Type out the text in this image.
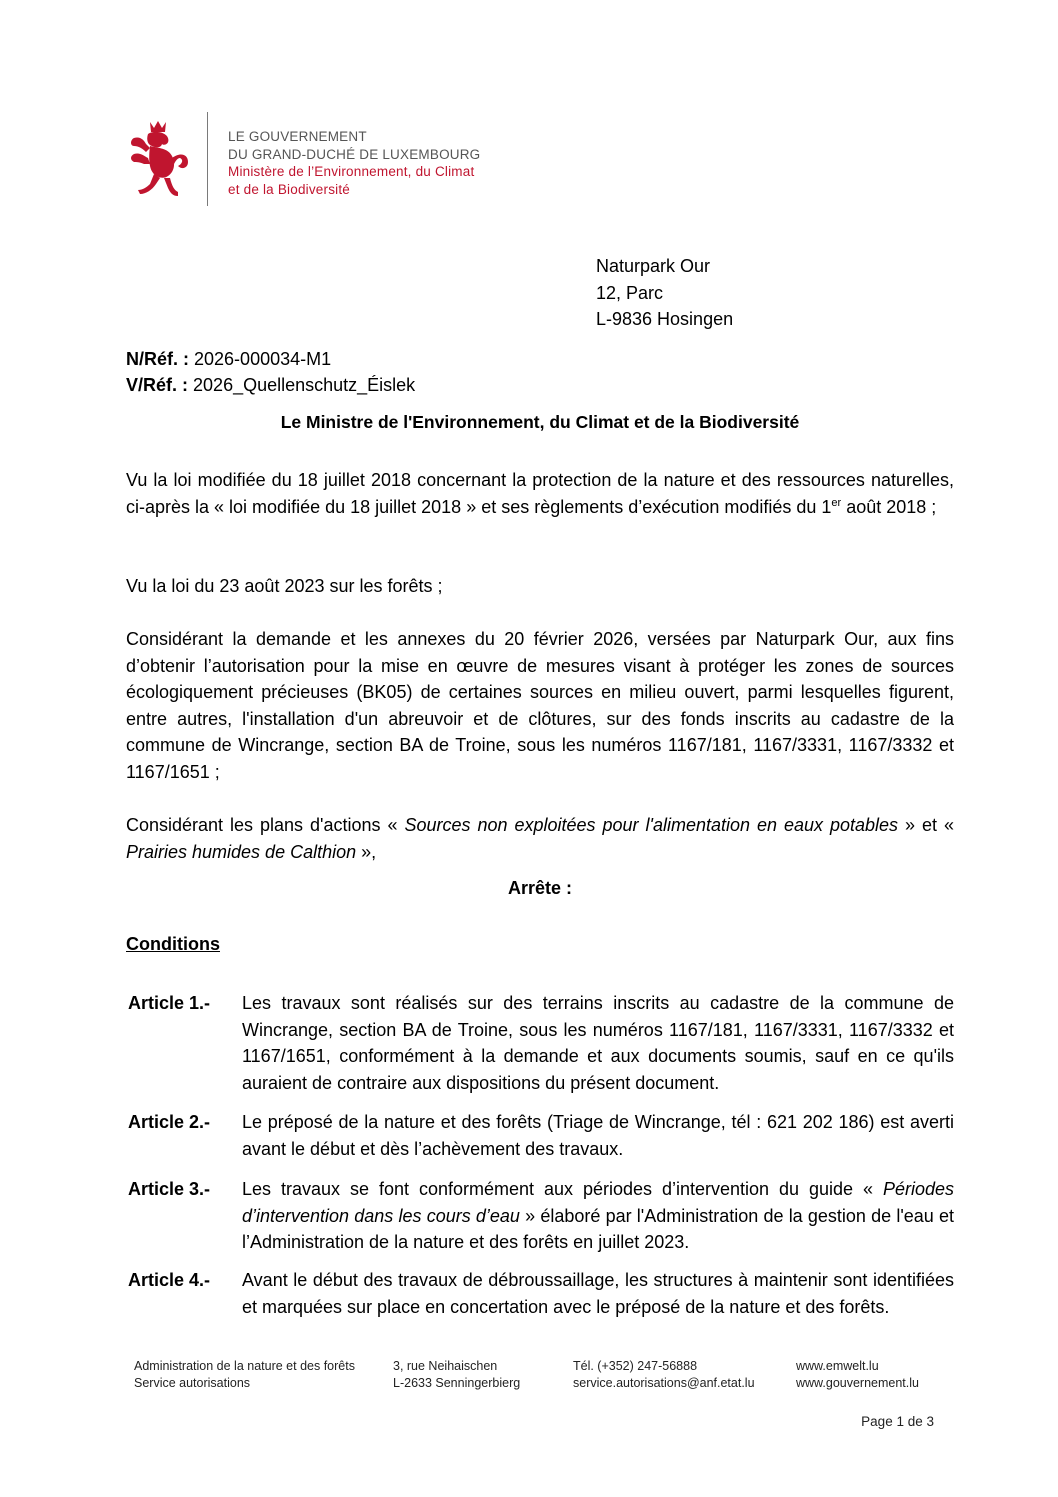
LE GOUVERNEMENT
DU GRAND-DUCHÉ DE LUXEMBOURG
Ministère de l’Environnement, du Climat
et de la Biodiversité
Naturpark Our
12, Parc
L-9836 Hosingen
N/Réf. : 2026-000034-M1
V/Réf. : 2026_Quellenschutz_Éislek
Le Ministre de l'Environnement, du Climat et de la Biodiversité
Vu la loi modifiée du 18 juillet 2018 concernant la protection de la nature et des ressources naturelles, ci-après la « loi modifiée du 18 juillet 2018 » et ses règlements d’exécution modifiés du 1er août 2018 ;
Vu la loi du 23 août 2023 sur les forêts ;
Considérant la demande et les annexes du 20 février 2026, versées par Naturpark Our, aux fins d’obtenir l’autorisation pour la mise en œuvre de mesures visant à protéger les zones de sources écologiquement précieuses (BK05) de certaines sources en milieu ouvert, parmi lesquelles figurent, entre autres, l'installation d'un abreuvoir et de clôtures, sur des fonds inscrits au cadastre de la commune de Wincrange, section BA de Troine, sous les numéros 1167/181, 1167/3331, 1167/3332 et 1167/1651 ;
Considérant les plans d'actions « Sources non exploitées pour l'alimentation en eaux potables » et « Prairies humides de Calthion »,
Arrête :
Conditions
Article 1.- Les travaux sont réalisés sur des terrains inscrits au cadastre de la commune de Wincrange, section BA de Troine, sous les numéros 1167/181, 1167/3331, 1167/3332 et 1167/1651, conformément à la demande et aux documents soumis, sauf en ce qu'ils auraient de contraire aux dispositions du présent document.
Article 2.- Le préposé de la nature et des forêts (Triage de Wincrange, tél : 621 202 186) est averti avant le début et dès l’achèvement des travaux.
Article 3.- Les travaux se font conformément aux périodes d’intervention du guide « Périodes d’intervention dans les cours d’eau » élaboré par l'Administration de la gestion de l'eau et l’Administration de la nature et des forêts en juillet 2023.
Article 4.- Avant le début des travaux de débroussaillage, les structures à maintenir sont identifiées et marquées sur place en concertation avec le préposé de la nature et des forêts.
Administration de la nature et des forêts
Service autorisations
3, rue Neihaischen
L-2633 Senningerbierg
Tél. (+352) 247-56888
service.autorisations@anf.etat.lu
www.emwelt.lu
www.gouvernement.lu
Page 1 de 3
